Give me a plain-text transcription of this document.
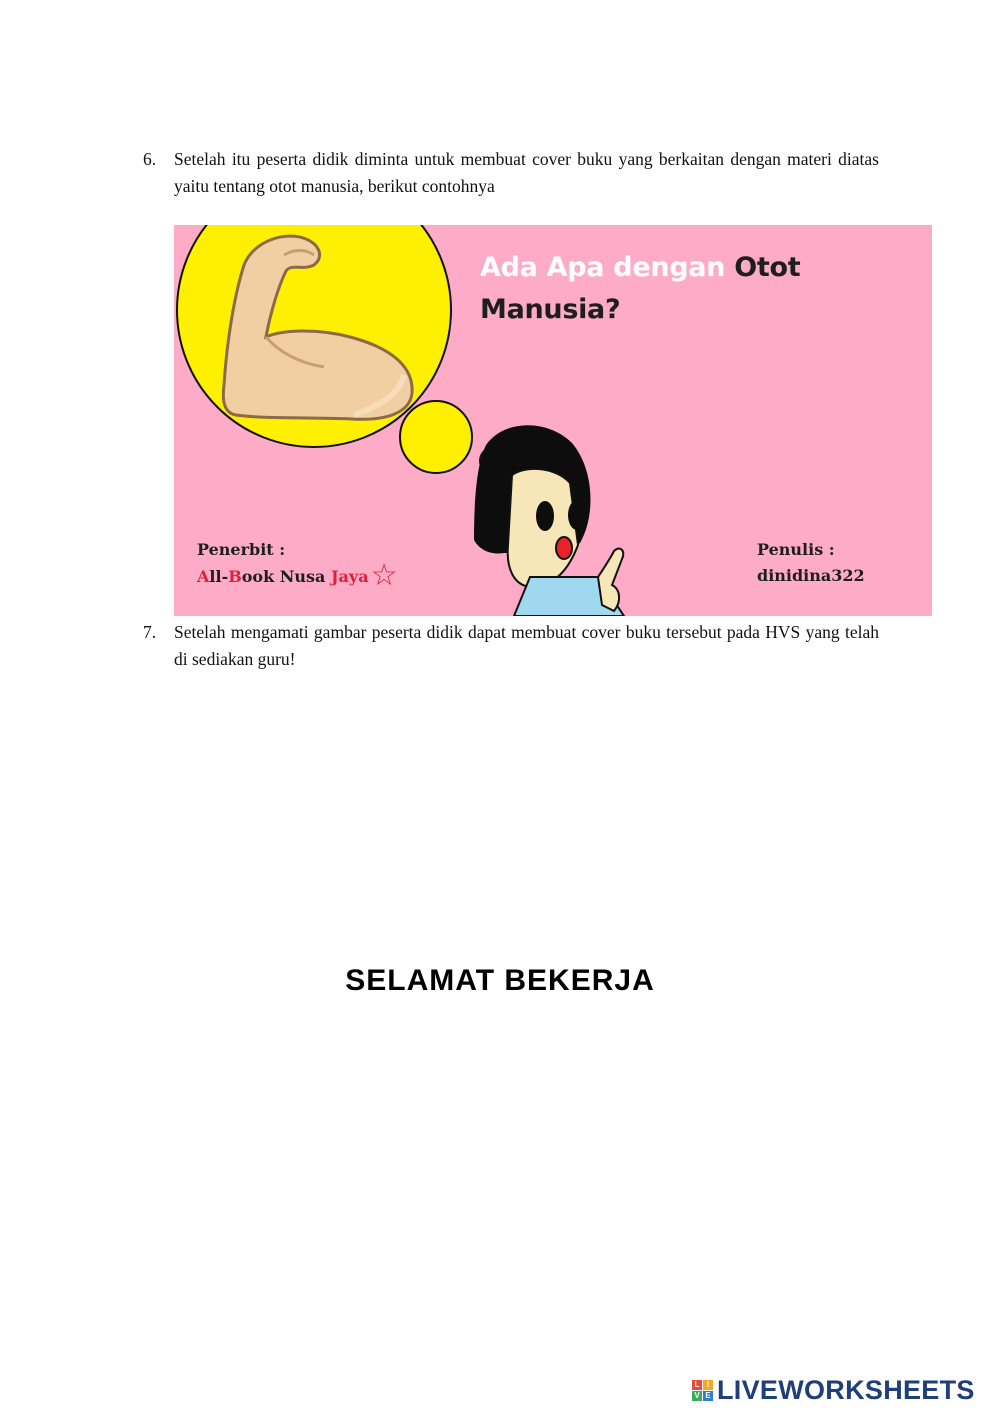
6. Setelah itu peserta didik diminta untuk membuat cover buku yang berkaitan dengan materi diatas yaitu tentang otot manusia, berikut contohnya
Ada Apa dengan Otot
Manusia?
Penerbit :
All-Book Nusa Jaya☆
Penulis :
dinidina322
7. Setelah mengamati gambar peserta didik dapat membuat cover buku tersebut pada HVS yang telah di sediakan guru!
SELAMAT BEKERJA
L I
V E LIVEWORKSHEETS
